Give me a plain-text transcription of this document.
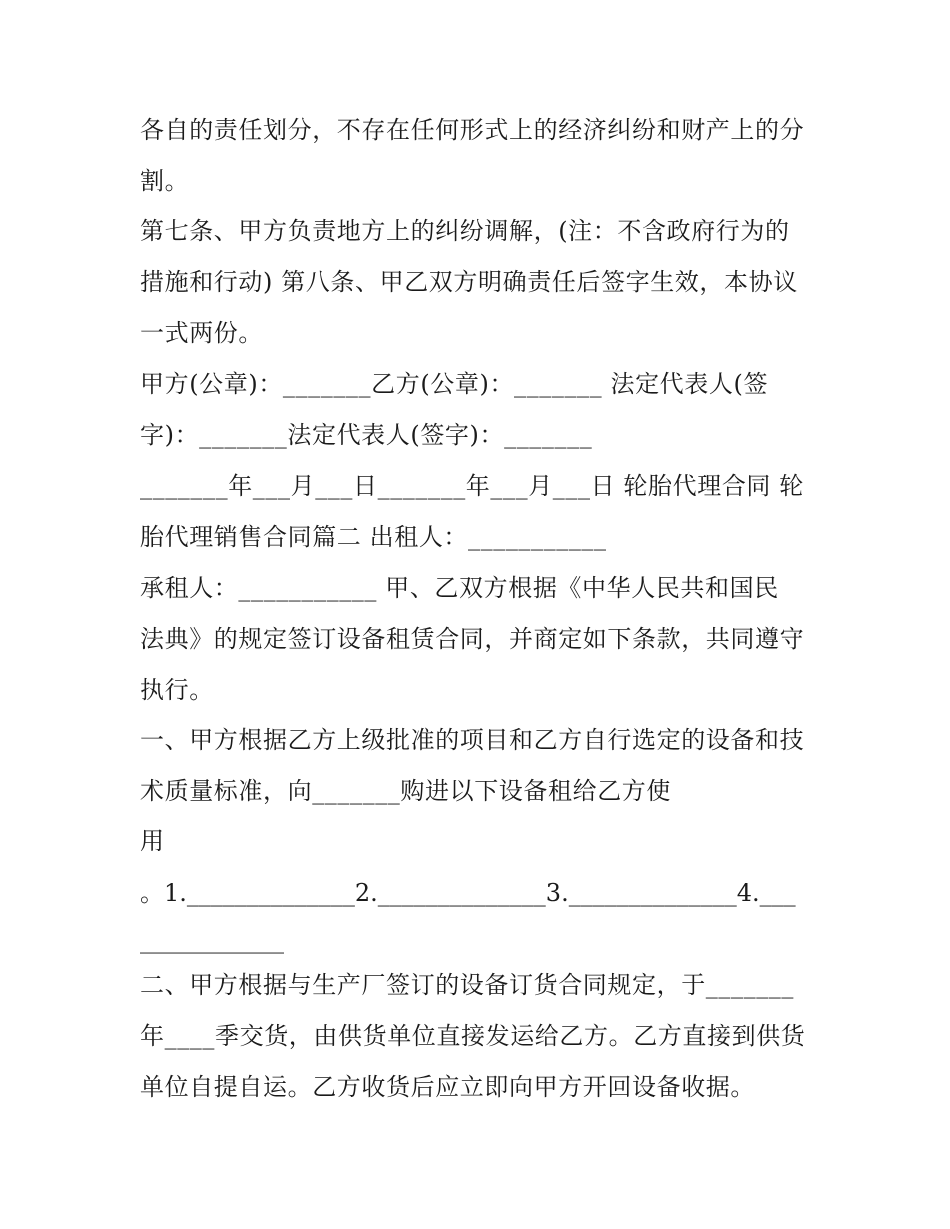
各自的责任划分，不存在任何形式上的经济纠纷和财产上的分
割。
第七条、甲方负责地方上的纠纷调解，(注：不含政府行为的
措施和行动) 第八条、甲乙双方明确责任后签字生效，本协议
一式两份。
甲方(公章)：_______乙方(公章)：_______ 法定代表人(签
字)：_______法定代表人(签字)：_______
_______年___月___日_______年___月___日 轮胎代理合同 轮
胎代理销售合同篇二 出租人：___________
承租人：___________ 甲、乙双方根据《中华人民共和国民
法典》的规定签订设备租赁合同，并商定如下条款，共同遵守
执行。
一、甲方根据乙方上级批准的项目和乙方自行选定的设备和技
术质量标准，向_______购进以下设备租给乙方使
用
。1.______________2.______________3.______________4.___
____________
二、甲方根据与生产厂签订的设备订货合同规定，于_______
年____季交货，由供货单位直接发运给乙方。乙方直接到供货
单位自提自运。乙方收货后应立即向甲方开回设备收据。
